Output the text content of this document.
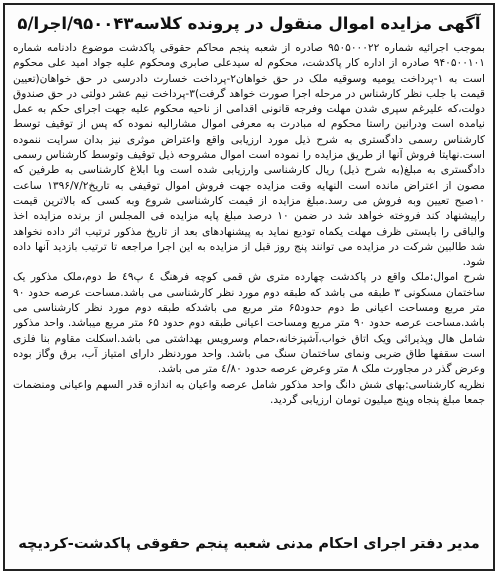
آگهی مزایده اموال منقول در پرونده کلاسه۹۵۰۰۴۳/اجرا/۵

بموجب اجرائیه شماره ۹۵۰۵۰۰۰۲۲ صادره از شعبه پنجم محاکم حقوقی پاکدشت موضوع دادنامه شماره ۹۴۰۵۰۰۱۰۱ صادره از اداره کار پاکدشت، محکوم له سیدعلی صابری ومحکوم علیه جواد امید علی محکوم است به ۱-پرداخت یومیه وسوقیه ملک در حق خواهان۲-پرداخت خسارت دادرسی در حق خواهان(تعیین قیمت با جلب نظر کارشناس در مرحله اجرا صورت خواهد گرفت)۳-پرداخت نیم عشر دولتی در حق صندوق دولت،که علیرغم سپری شدن مهلت وفرجه قانونی اقدامی از ناحیه محکوم علیه جهت اجرای حکم به عمل نیامده است ودرانین راستا محکوم له مبادرت به معرفی اموال مشارالیه نموده که پس از توقیف توسط کارشناس رسمی دادگستری به شرح ذیل مورد ارزیابی واقع واعتراض موثری نیز بدان سرایت ننموده است.نهایتا فروش آنها از طریق مزایده را نموده است اموال مشروحه ذیل توقیف وتوسط کارشناس رسمی دادگستری به مبلغ(به شرح ذیل) ریال کارشناسی وارزیابی شده است وبا ابلاغ کارشناسی به طرفین که مصون از اعتراض مانده است النهایه وقت مزایده جهت فروش اموال توقیفی به تاریخ۱۳۹۶/۷/۲ ساعت ۱۰صبح تعیین وبه فروش می رسد.مبلغ مزایده از قیمت کارشناسی شروع وبه کسی که بالاترین قیمت راپیشنهاد کند فروخته خواهد شد در ضمن ۱۰ درصد مبلغ پایه مزایده فی المجلس از برنده مزایده اخذ والباقی را بایستی ظرف مهلت یکماه تودیع نماید به پیشنهادهای بعد از تاریخ مذکور ترتیب اثر داده نخواهد شد طالبین شرکت در مزایده می توانند پنج روز قبل از مزایده به این اجرا مراجعه تا ترتیب بازدید آنها داده شود.

شرح اموال:ملک واقع در پاکدشت چهارده متری ش قمی کوچه فرهنگ ٤ پ٤٩ ط دوم،ملک مذکور یک ساختمان مسکونی ۳ طبقه می باشد که طبقه دوم مورد نظر کارشناسی می باشد.مساحت عرصه حدود ۹۰ متر مربع ومساحت اعیانی ط دوم حدود۶۵ متر مربع می باشدکه طبقه دوم مورد نظر کارشناسی می باشد.مساحت عرصه حدود ۹۰ متر مربع ومساحت اعیانی طبقه دوم حدود ۶۵ متر مربع میباشد. واحد مذکور شامل هال وپذیرائی ویک اتاق خواب،آشپزخانه،حمام وسرویس بهداشتی می باشد.اسکلت مقاوم بنا فلزی است سقفها طاق ضربی ونمای ساختمان سنگ می باشد. واحد موردنظر دارای امتیاز آب، برق وگاز بوده وعرض گذر در مجاورت ملک ۸ متر وعرض عرصه حدود ٤/۸۰ متر می باشد.

نظریه کارشناسی:بهای شش دانگ واحد مذکور شامل عرصه واعیان به اندازه قدر السهم واعیانی ومنضمات جمعا مبلغ پنجاه وپنج میلیون تومان ارزیابی گردید.

مدیر دفتر اجرای احکام مدنی شعبه پنجم حقوقی پاکدشت-کردیچه
